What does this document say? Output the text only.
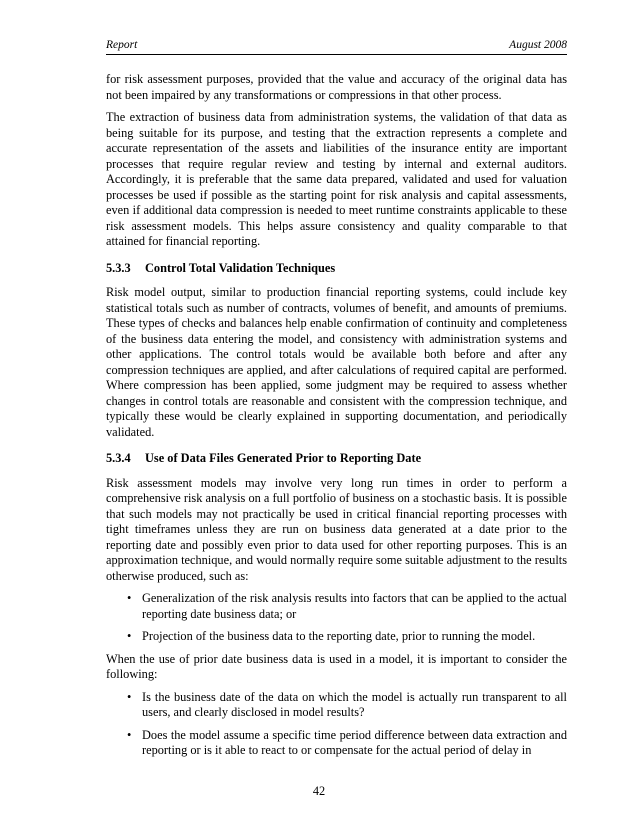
Report	August 2008

for risk assessment purposes, provided that the value and accuracy of the original data has not been impaired by any transformations or compressions in that other process.

The extraction of business data from administration systems, the validation of that data as being suitable for its purpose, and testing that the extraction represents a complete and accurate representation of the assets and liabilities of the insurance entity are important processes that require regular review and testing by internal and external auditors. Accordingly, it is preferable that the same data prepared, validated and used for valuation processes be used if possible as the starting point for risk analysis and capital assessments, even if additional data compression is needed to meet runtime constraints applicable to these risk assessment models. This helps assure consistency and quality comparable to that attained for financial reporting.

5.3.3 Control Total Validation Techniques

Risk model output, similar to production financial reporting systems, could include key statistical totals such as number of contracts, volumes of benefit, and amounts of premiums. These types of checks and balances help enable confirmation of continuity and completeness of the business data entering the model, and consistency with administration systems and other applications. The control totals would be available both before and after any compression techniques are applied, and after calculations of required capital are performed. Where compression has been applied, some judgment may be required to assess whether changes in control totals are reasonable and consistent with the compression technique, and typically these would be clearly explained in supporting documentation, and periodically validated.

5.3.4 Use of Data Files Generated Prior to Reporting Date

Risk assessment models may involve very long run times in order to perform a comprehensive risk analysis on a full portfolio of business on a stochastic basis. It is possible that such models may not practically be used in critical financial reporting processes with tight timeframes unless they are run on business data generated at a date prior to the reporting date and possibly even prior to data used for other reporting purposes. This is an approximation technique, and would normally require some suitable adjustment to the results otherwise produced, such as:

• Generalization of the risk analysis results into factors that can be applied to the actual reporting date business data; or
• Projection of the business data to the reporting date, prior to running the model.

When the use of prior date business data is used in a model, it is important to consider the following:

• Is the business date of the data on which the model is actually run transparent to all users, and clearly disclosed in model results?
• Does the model assume a specific time period difference between data extraction and reporting or is it able to react to or compensate for the actual period of delay in
42
